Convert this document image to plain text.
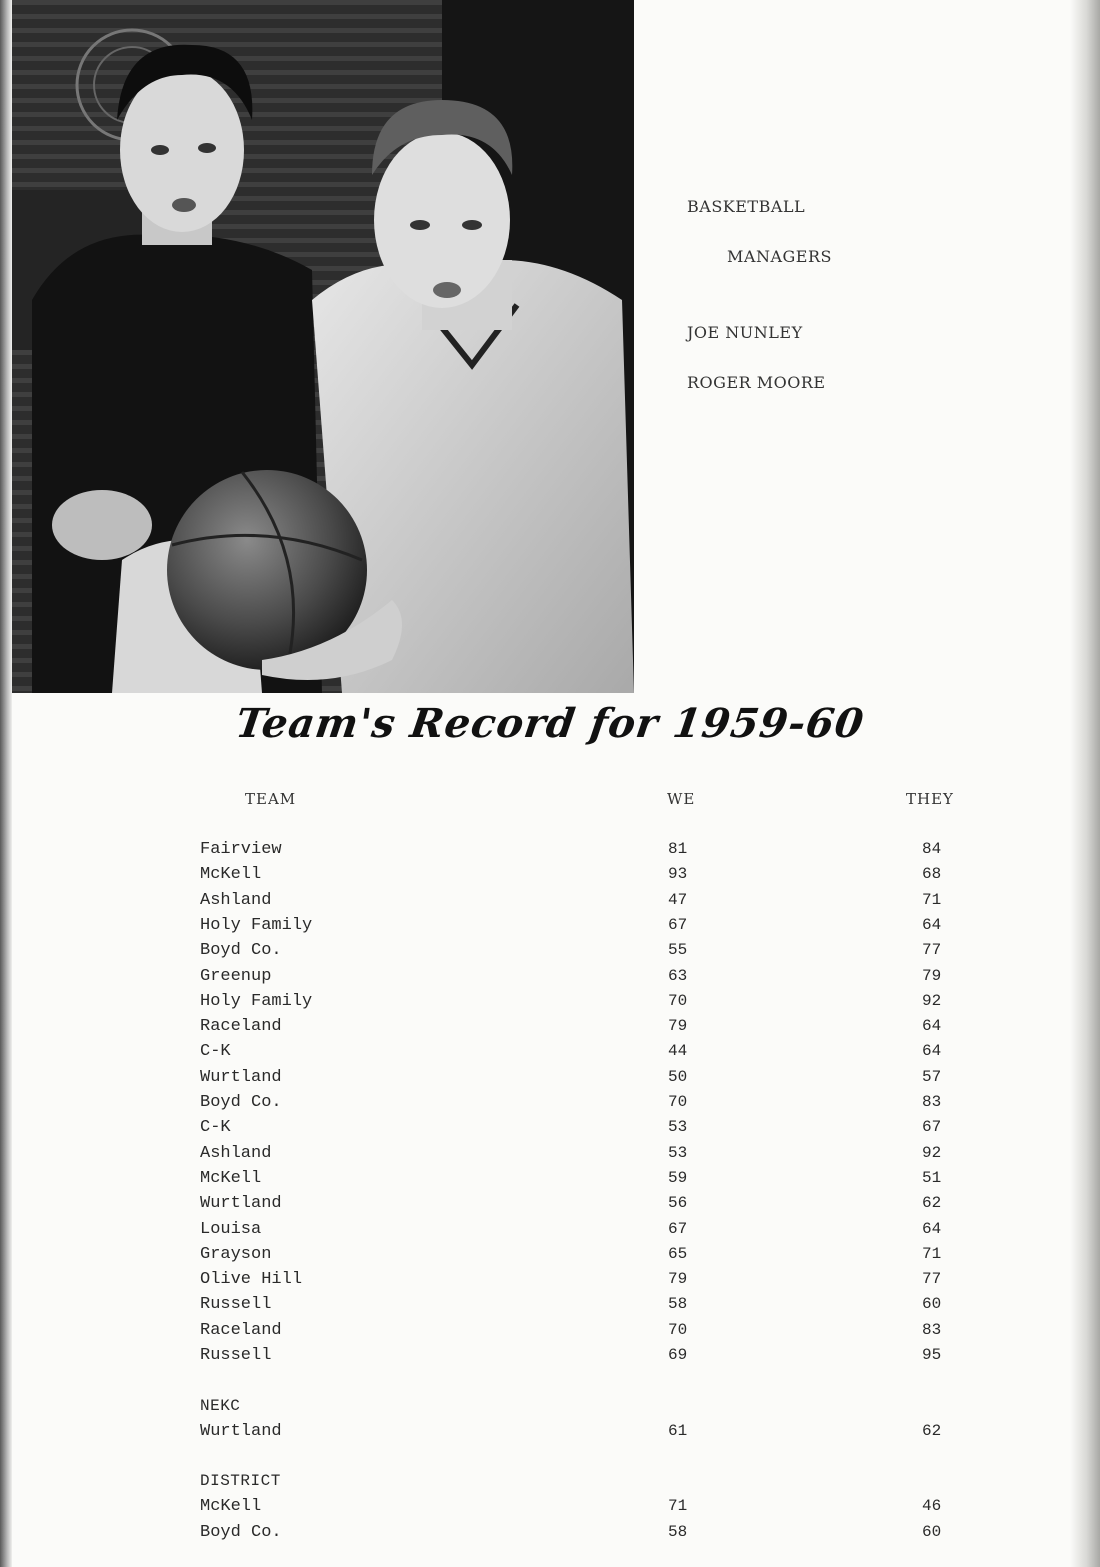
BASKETBALL
MANAGERS
JOE NUNLEY
ROGER MOORE
Team's Record for 1959-60
TEAM	WE	THEY
Fairview	81	84
McKell	93	68
Ashland	47	71
Holy Family	67	64
Boyd Co.	55	77
Greenup	63	79
Holy Family	70	92
Raceland	79	64
C-K	44	64
Wurtland	50	57
Boyd Co.	70	83
C-K	53	67
Ashland	53	92
McKell	59	51
Wurtland	56	62
Louisa	67	64
Grayson	65	71
Olive Hill	79	77
Russell	58	60
Raceland	70	83
Russell	69	95
NEKC
Wurtland	61	62
DISTRICT
McKell	71	46
Boyd Co.	58	60
